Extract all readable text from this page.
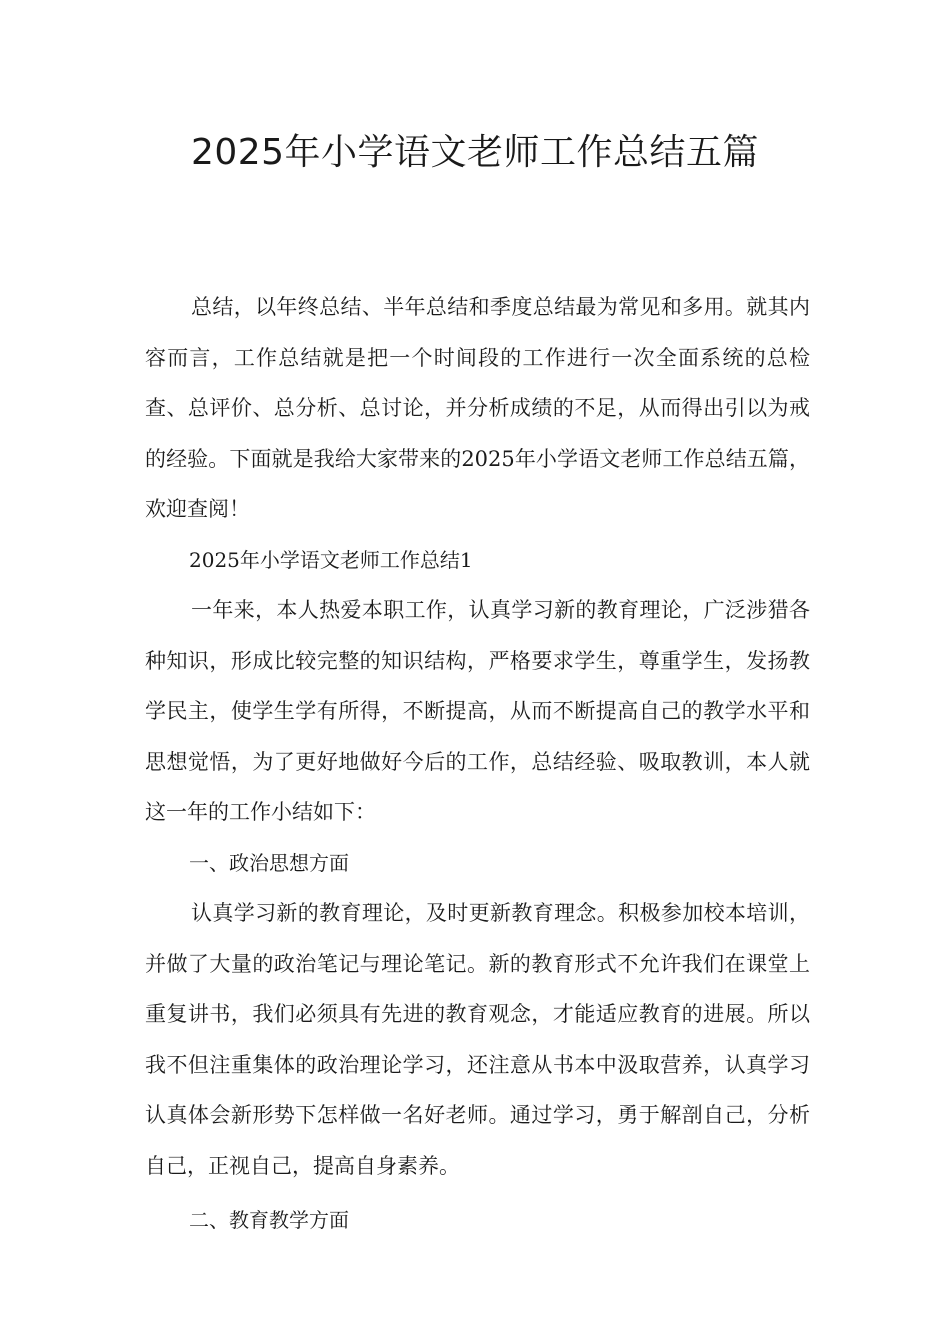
2025年小学语文老师工作总结五篇

总结，以年终总结、半年总结和季度总结最为常见和多用。就其内容而言，工作总结就是把一个时间段的工作进行一次全面系统的总检查、总评价、总分析、总讨论，并分析成绩的不足，从而得出引以为戒的经验。下面就是我给大家带来的2025年小学语文老师工作总结五篇，欢迎查阅！

2025年小学语文老师工作总结1

一年来，本人热爱本职工作，认真学习新的教育理论，广泛涉猎各种知识，形成比较完整的知识结构，严格要求学生，尊重学生，发扬教学民主，使学生学有所得，不断提高，从而不断提高自己的教学水平和思想觉悟，为了更好地做好今后的工作，总结经验、吸取教训，本人就这一年的工作小结如下：

一、政治思想方面

认真学习新的教育理论，及时更新教育理念。积极参加校本培训，并做了大量的政治笔记与理论笔记。新的教育形式不允许我们在课堂上重复讲书，我们必须具有先进的教育观念，才能适应教育的进展。所以我不但注重集体的政治理论学习，还注意从书本中汲取营养，认真学习认真体会新形势下怎样做一名好老师。通过学习，勇于解剖自己，分析自己，正视自己，提高自身素养。

二、教育教学方面
